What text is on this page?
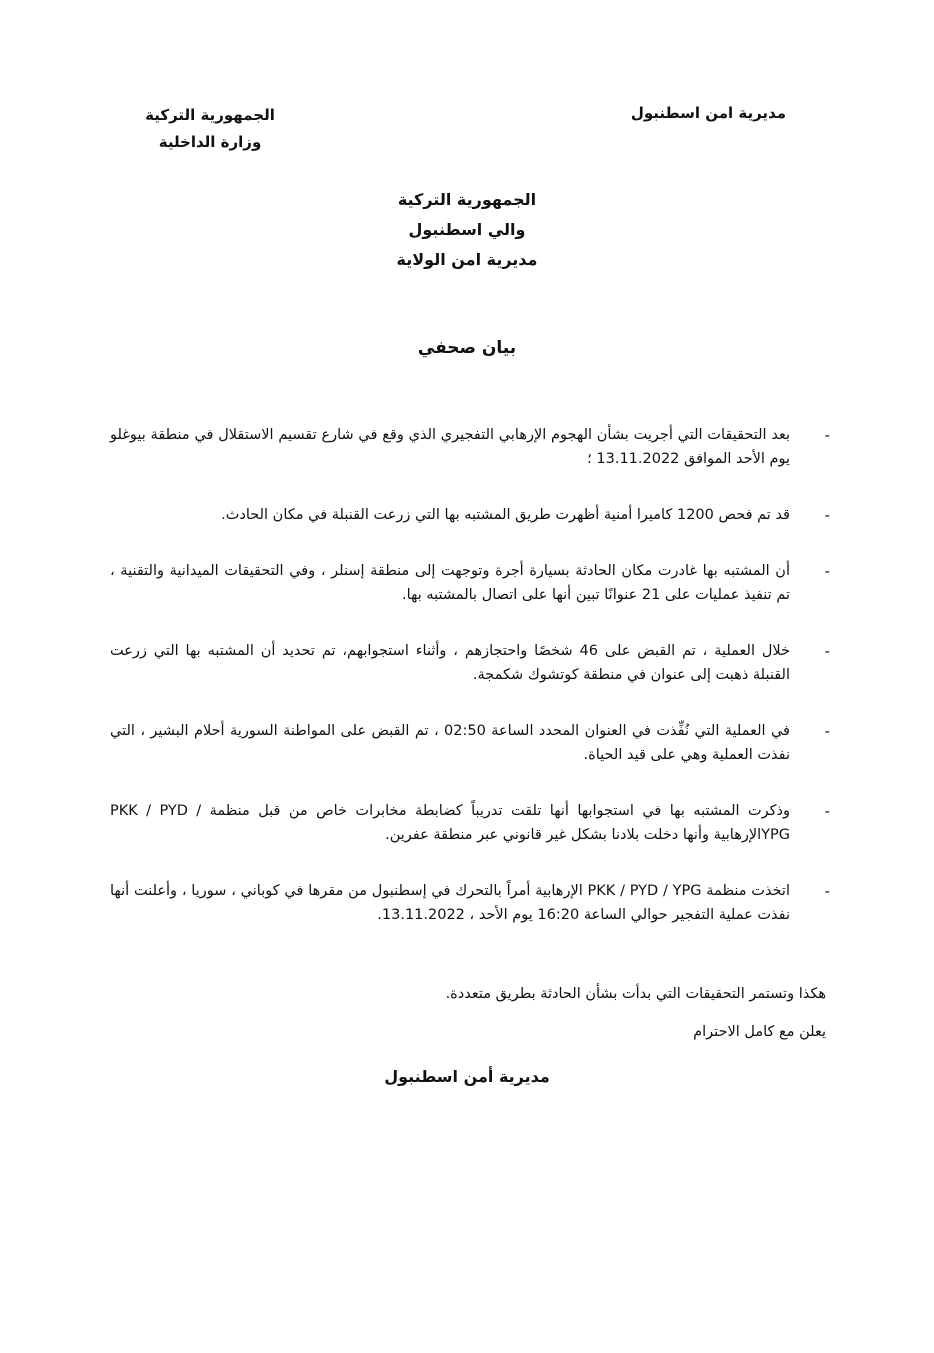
مديرية امن اسطنبول
الجمهورية التركية
وزارة الداخلية
الجمهورية التركية
والي اسطنبول
مديرية امن الولاية
بيان صحفي
-
بعد التحقيقات التي أجريت بشأن الهجوم الإرهابي التفجيري الذي وقع في شارع تقسيم الاستقلال في منطقة بيوغلو يوم الأحد الموافق 13.11.2022 ؛
-
قد تم فحص 1200 كاميرا أمنية أظهرت طريق المشتبه بها التي زرعت القنبلة في مكان الحادث.
-
أن المشتبه بها غادرت مكان الحادثة بسيارة أجرة وتوجهت إلى منطقة إسنلر ، وفي التحقيقات الميدانية والتقنية ، تم تنفيذ عمليات على 21 عنوانًا تبين أنها على اتصال بالمشتبه بها.
-
خلال العملية ، تم القبض على 46 شخصًا واحتجازهم ، وأثناء استجوابهم، تم تحديد أن المشتبه بها التي زرعت القنبلة ذهبت إلى عنوان في منطقة كوتشوك شكمجة.
-
في العملية التي نُفِّذت في العنوان المحدد الساعة 02:50 ، تم القبض على المواطنة السورية أحلام البشير ، التي نفذت العملية وهي على قيد الحياة.
-
وذكرت المشتبه بها في استجوابها أنها تلقت تدريباً كضابطة مخابرات خاص من قبل منظمة PKK / PYD / YPGالإرهابية وأنها دخلت بلادنا بشكل غير قانوني عبر منطقة عفرين.
-
اتخذت منظمة PKK / PYD / YPG الإرهابية أمراً بالتحرك في إسطنبول من مقرها في كوباني ، سوريا ، وأعلنت أنها نفذت عملية التفجير حوالي الساعة 16:20 يوم الأحد ، 13.11.2022.
هكذا وتستمر التحقيقات التي بدأت بشأن الحادثة بطريق متعددة.
يعلن مع كامل الاحترام
مديرية أمن اسطنبول
